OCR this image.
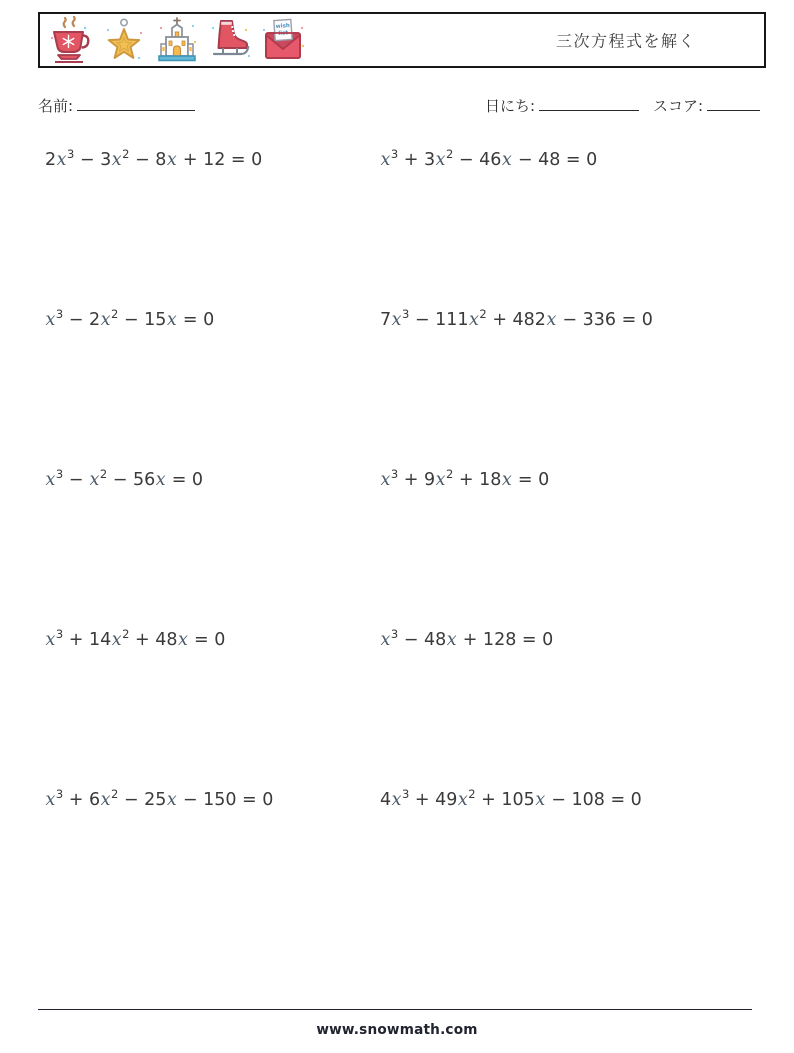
wish
list	三次方程式を解く
名前:	日にち:	スコア:
$2x^3 - 3x^2 - 8x + 12 = 0$	$x^3 + 3x^2 - 46x - 48 = 0$
$x^3 - 2x^2 - 15x = 0$	$7x^3 - 111x^2 + 482x - 336 = 0$
$x^3 - x^2 - 56x = 0$	$x^3 + 9x^2 + 18x = 0$
$x^3 + 14x^2 + 48x = 0$	$x^3 - 48x + 128 = 0$
$x^3 + 6x^2 - 25x - 150 = 0$	$4x^3 + 49x^2 + 105x - 108 = 0$
www.snowmath.com
